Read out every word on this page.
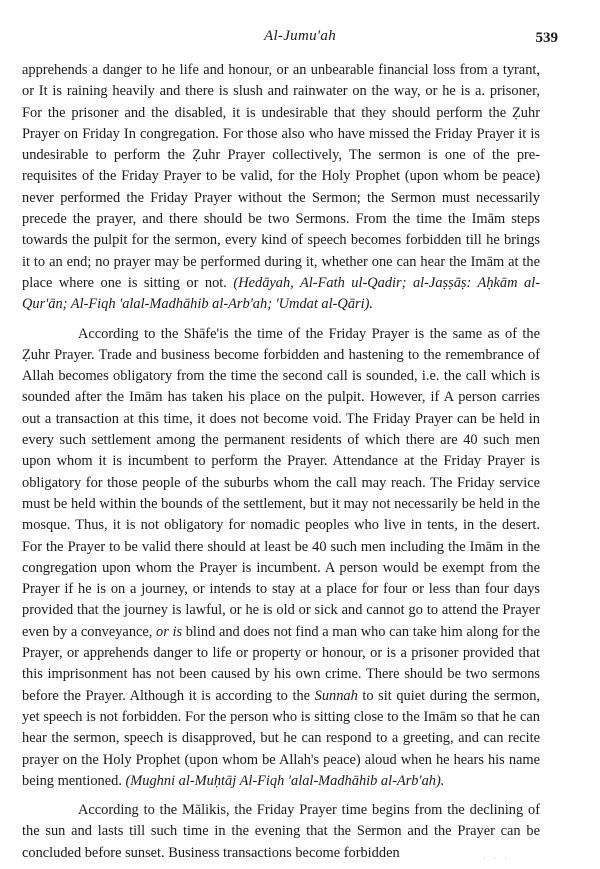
Al-Jumu'ah	539

apprehends a danger to he life and honour, or an unbearable financial loss from a tyrant, or It is raining heavily and there is slush and rainwater on the way, or he is a. prisoner, For the prisoner and the disabled, it is undesirable that they should perform the Ẓuhr Prayer on Friday In congregation. For those also who have missed the Friday Prayer it is undesirable to perform the Ẓuhr Prayer collectively, The sermon is one of the pre-requisites of the Friday Prayer to be valid, for the Holy Prophet (upon whom be peace) never performed the Friday Prayer without the Sermon; the Sermon must necessarily precede the prayer, and there should be two Sermons. From the time the Imām steps towards the pulpit for the sermon, every kind of speech becomes forbidden till he brings it to an end; no prayer may be performed during it, whether one can hear the Imām at the place where one is sitting or not. (Hedāyah, Al-Fath ul-Qadir; al-Jaṣṣāṣ: Aḥkām al-Qur'ān; Al-Fiqh 'alal-Madhāhib al-Arb'ah; 'Umdat al-Qāri).

According to the Shāfe'is the time of the Friday Prayer is the same as of the Ẓuhr Prayer. Trade and business become forbidden and hastening to the remembrance of Allah becomes obligatory from the time the second call is sounded, i.e. the call which is sounded after the Imām has taken his place on the pulpit. However, if A person carries out a transaction at this time, it does not become void. The Friday Prayer can be held in every such settlement among the permanent residents of which there are 40 such men upon whom it is incumbent to perform the Prayer. Attendance at the Friday Prayer is obligatory for those people of the suburbs whom the call may reach. The Friday service must be held within the bounds of the settlement, but it may not necessarily be held in the mosque. Thus, it is not obligatory for nomadic peoples who live in tents, in the desert. For the Prayer to be valid there should at least be 40 such men including the Imām in the congregation upon whom the Prayer is incumbent. A person would be exempt from the Prayer if he is on a journey, or intends to stay at a place for four or less than four days provided that the journey is lawful, or he is old or sick and cannot go to attend the Prayer even by a conveyance, or is blind and does not find a man who can take him along for the Prayer, or apprehends danger to life or property or honour, or is a prisoner provided that this imprisonment has not been caused by his own crime. There should be two sermons before the Prayer. Although it is according to the Sunnah to sit quiet during the sermon, yet speech is not forbidden. For the person who is sitting close to the Imām so that he can hear the sermon, speech is disapproved, but he can respond to a greeting, and can recite prayer on the Holy Prophet (upon whom be Allah's peace) aloud when he hears his name being mentioned. (Mughni al-Muḥtāj Al-Fiqh 'alal-Madhāhib al-Arb'ah).

According to the Mālikis, the Friday Prayer time begins from the declining of the sun and lasts till such time in the evening that the Sermon and the Prayer can be concluded before sunset. Business transactions become forbidden	· · ·
